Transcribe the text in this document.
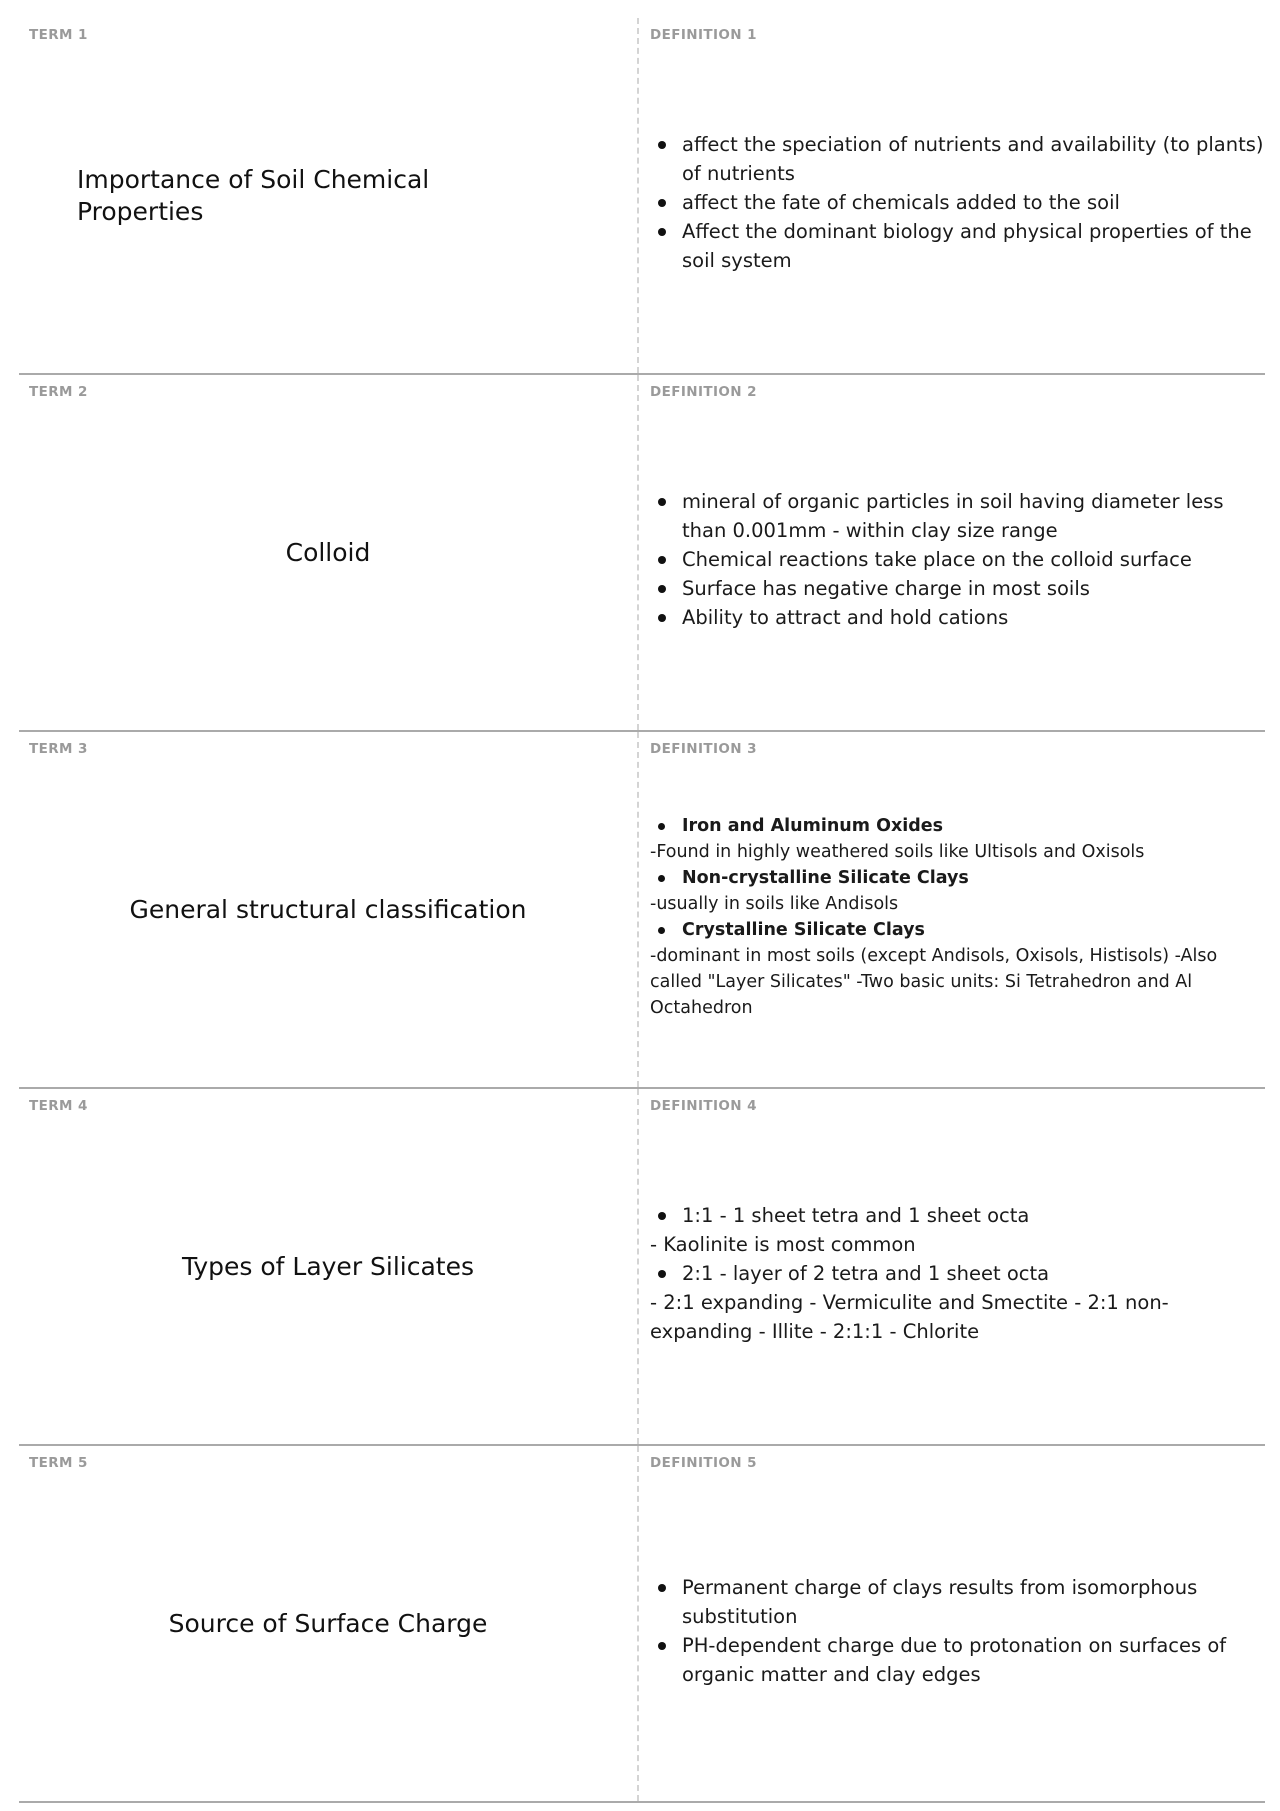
TERM 1
Importance of Soil Chemical Properties
DEFINITION 1
affect the speciation of nutrients and availability (to plants) of nutrients
affect the fate of chemicals added to the soil
Affect the dominant biology and physical properties of the soil system
TERM 2
Colloid
DEFINITION 2
mineral of organic particles in soil having diameter less than 0.001mm - within clay size range
Chemical reactions take place on the colloid surface
Surface has negative charge in most soils
Ability to attract and hold cations
TERM 3
General structural classification
DEFINITION 3
Iron and Aluminum Oxides
-Found in highly weathered soils like Ultisols and Oxisols
Non-crystalline Silicate Clays
-usually in soils like Andisols
Crystalline Silicate Clays
-dominant in most soils (except Andisols, Oxisols, Histisols) -Also called "Layer Silicates" -Two basic units: Si Tetrahedron and Al Octahedron
TERM 4
Types of Layer Silicates
DEFINITION 4
1:1 - 1 sheet tetra and 1 sheet octa
- Kaolinite is most common
2:1 - layer of 2 tetra and 1 sheet octa
- 2:1 expanding - Vermiculite and Smectite - 2:1 non-expanding - Illite - 2:1:1 - Chlorite
TERM 5
Source of Surface Charge
DEFINITION 5
Permanent charge of clays results from isomorphous substitution
PH-dependent charge due to protonation on surfaces of organic matter and clay edges
